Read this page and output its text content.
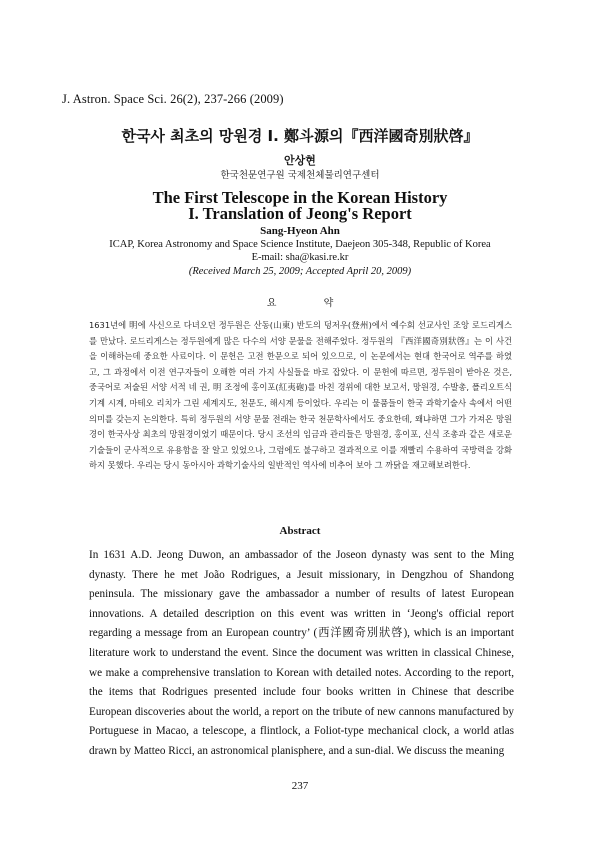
J. Astron. Space Sci. 26(2), 237-266 (2009)
한국사 최초의 망원경 I. 鄭斗源의『西洋國奇別狀啓』
안상현
한국천문연구원 국제천체물리연구센터
The First Telescope in the Korean History
I. Translation of Jeong's Report
Sang-Hyeon Ahn
ICAP, Korea Astronomy and Space Science Institute, Daejeon 305-348, Republic of Korea
E-mail: sha@kasi.re.kr
(Received March 25, 2009; Accepted April 20, 2009)
요 약

1631년에 明에 사신으로 다녀오던 정두원은 산동(山東) 반도의 덩저우(登州)에서 예수회 선교사인 조앙 로드리게스를 만났다. 로드리게스는 정두원에게 많은 다수의 서양 문물을 전해주었다. 정두원의 『西洋國奇別狀啓』는 이 사건을 이해하는데 중요한 사료이다. 이 문헌은 고전 한문으로 되어 있으므로, 이 논문에서는 현대 한국어로 역주를 하였고, 그 과정에서 이전 연구자들이 오해한 여러 가지 사실들을 바로 잡았다. 이 문헌에 따르면, 정두원이 받아온 것은, 중국어로 저술된 서양 서적 네 권, 明 조정에 홍이포(紅夷砲)를 바친 경위에 대한 보고서, 망원경, 수발총, 폴리오트식 기계 시계, 마테오 리치가 그린 세계지도, 천문도, 해시계 등이었다. 우리는 이 물품들이 한국 과학기술사 속에서 어떤 의미를 갖는지 논의한다. 특히 정두원의 서양 문물 전래는 한국 천문학사에서도 중요한데, 왜냐하면 그가 가져온 망원경이 한국사상 최초의 망원경이었기 때문이다. 당시 조선의 임금과 관리들은 망원경, 홍이포, 신식 조총과 같은 새로운 기술들이 군사적으로 유용함을 잘 알고 있었으나, 그럼에도 불구하고 결과적으로 이를 재빨리 수용하여 국방력을 강화하지 못했다. 우리는 당시 동아시아 과학기술사의 일반적인 역사에 비추어 보아 그 까닭을 재고해보려한다.

Abstract

In 1631 A.D. Jeong Duwon, an ambassador of the Joseon dynasty was sent to the Ming dynasty. There he met João Rodrigues, a Jesuit missionary, in Dengzhou of Shandong peninsula. The missionary gave the ambassador a number of results of latest European innovations. A detailed description on this event was written in ‘Jeong's official report regarding a message from an European country’ (西洋國奇別狀啓), which is an important literature work to understand the event. Since the document was written in classical Chinese, we make a comprehensive translation to Korean with detailed notes. According to the report, the items that Rodrigues presented include four books written in Chinese that describe European discoveries about the world, a report on the tribute of new cannons manufactured by Portuguese in Macao, a telescope, a flintlock, a Foliot-type mechanical clock, a world atlas drawn by Matteo Ricci, an astronomical planisphere, and a sun-dial. We discuss the meaning

237
